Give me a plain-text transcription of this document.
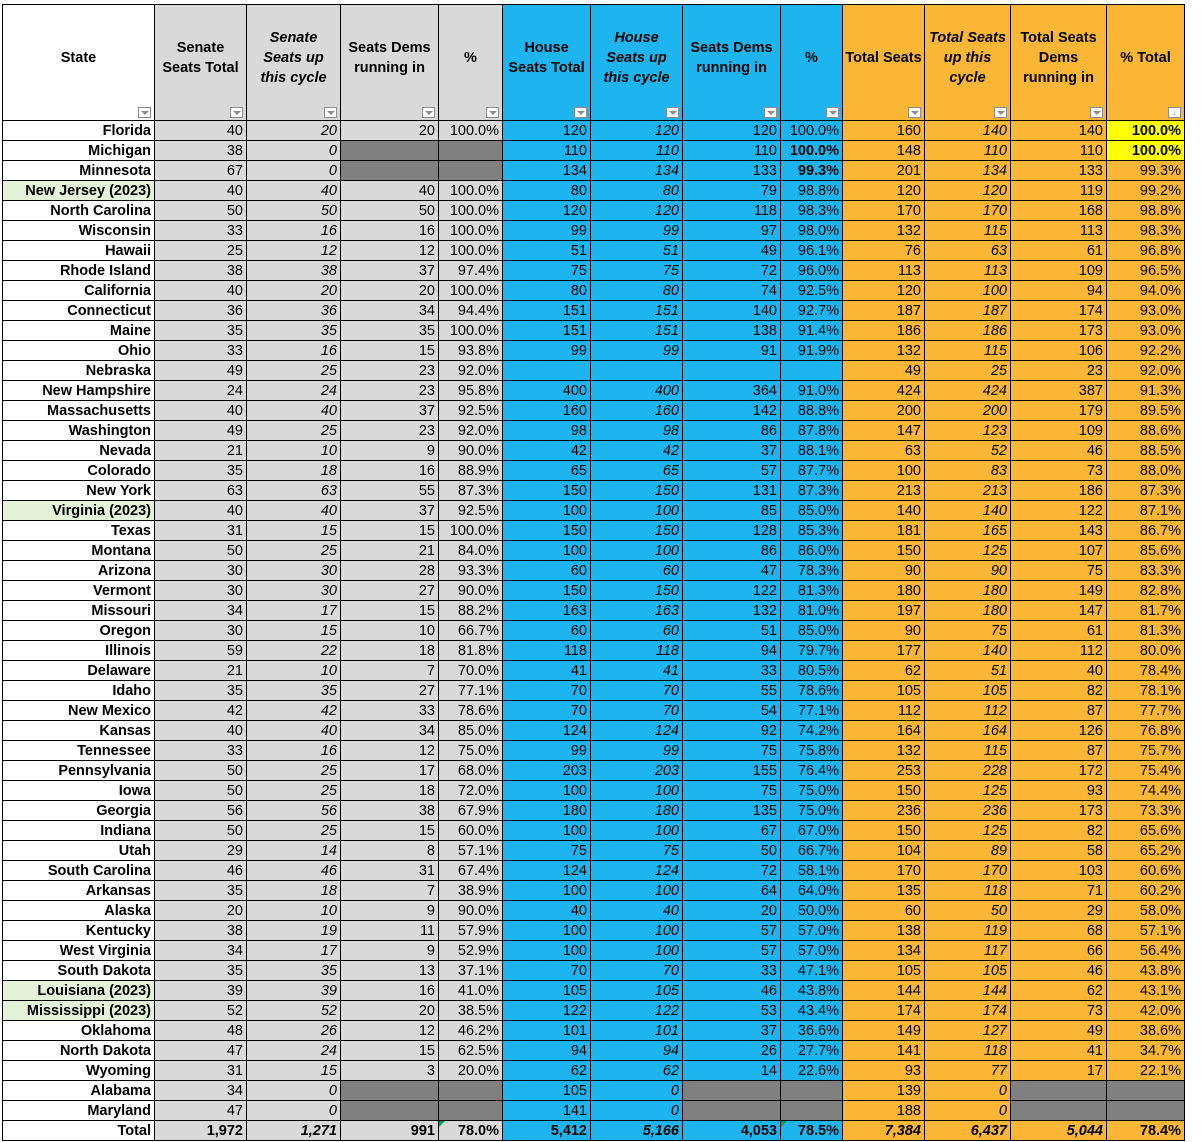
State	Senate Seats Total	Senate Seats up this cycle	Seats Dems running in	%	House Seats Total	House Seats up this cycle	Seats Dems running in	%	Total Seats	Total Seats up this cycle	Total Seats Dems running in	% Total
↓

Florida	40	20	20	100.0%	120	120	120	100.0%	160	140	140	100.0%
Michigan	38	0			110	110	110	100.0%	148	110	110	100.0%
Minnesota	67	0			134	134	133	99.3%	201	134	133	99.3%
New Jersey (2023)	40	40	40	100.0%	80	80	79	98.8%	120	120	119	99.2%
North Carolina	50	50	50	100.0%	120	120	118	98.3%	170	170	168	98.8%
Wisconsin	33	16	16	100.0%	99	99	97	98.0%	132	115	113	98.3%
Hawaii	25	12	12	100.0%	51	51	49	96.1%	76	63	61	96.8%
Rhode Island	38	38	37	97.4%	75	75	72	96.0%	113	113	109	96.5%
California	40	20	20	100.0%	80	80	74	92.5%	120	100	94	94.0%
Connecticut	36	36	34	94.4%	151	151	140	92.7%	187	187	174	93.0%
Maine	35	35	35	100.0%	151	151	138	91.4%	186	186	173	93.0%
Ohio	33	16	15	93.8%	99	99	91	91.9%	132	115	106	92.2%
Nebraska	49	25	23	92.0%					49	25	23	92.0%
New Hampshire	24	24	23	95.8%	400	400	364	91.0%	424	424	387	91.3%
Massachusetts	40	40	37	92.5%	160	160	142	88.8%	200	200	179	89.5%
Washington	49	25	23	92.0%	98	98	86	87.8%	147	123	109	88.6%
Nevada	21	10	9	90.0%	42	42	37	88.1%	63	52	46	88.5%
Colorado	35	18	16	88.9%	65	65	57	87.7%	100	83	73	88.0%
New York	63	63	55	87.3%	150	150	131	87.3%	213	213	186	87.3%
Virginia (2023)	40	40	37	92.5%	100	100	85	85.0%	140	140	122	87.1%
Texas	31	15	15	100.0%	150	150	128	85.3%	181	165	143	86.7%
Montana	50	25	21	84.0%	100	100	86	86.0%	150	125	107	85.6%
Arizona	30	30	28	93.3%	60	60	47	78.3%	90	90	75	83.3%
Vermont	30	30	27	90.0%	150	150	122	81.3%	180	180	149	82.8%
Missouri	34	17	15	88.2%	163	163	132	81.0%	197	180	147	81.7%
Oregon	30	15	10	66.7%	60	60	51	85.0%	90	75	61	81.3%
Illinois	59	22	18	81.8%	118	118	94	79.7%	177	140	112	80.0%
Delaware	21	10	7	70.0%	41	41	33	80.5%	62	51	40	78.4%
Idaho	35	35	27	77.1%	70	70	55	78.6%	105	105	82	78.1%
New Mexico	42	42	33	78.6%	70	70	54	77.1%	112	112	87	77.7%
Kansas	40	40	34	85.0%	124	124	92	74.2%	164	164	126	76.8%
Tennessee	33	16	12	75.0%	99	99	75	75.8%	132	115	87	75.7%
Pennsylvania	50	25	17	68.0%	203	203	155	76.4%	253	228	172	75.4%
Iowa	50	25	18	72.0%	100	100	75	75.0%	150	125	93	74.4%
Georgia	56	56	38	67.9%	180	180	135	75.0%	236	236	173	73.3%
Indiana	50	25	15	60.0%	100	100	67	67.0%	150	125	82	65.6%
Utah	29	14	8	57.1%	75	75	50	66.7%	104	89	58	65.2%
South Carolina	46	46	31	67.4%	124	124	72	58.1%	170	170	103	60.6%
Arkansas	35	18	7	38.9%	100	100	64	64.0%	135	118	71	60.2%
Alaska	20	10	9	90.0%	40	40	20	50.0%	60	50	29	58.0%
Kentucky	38	19	11	57.9%	100	100	57	57.0%	138	119	68	57.1%
West Virginia	34	17	9	52.9%	100	100	57	57.0%	134	117	66	56.4%
South Dakota	35	35	13	37.1%	70	70	33	47.1%	105	105	46	43.8%
Louisiana (2023)	39	39	16	41.0%	105	105	46	43.8%	144	144	62	43.1%
Mississippi (2023)	52	52	20	38.5%	122	122	53	43.4%	174	174	73	42.0%
Oklahoma	48	26	12	46.2%	101	101	37	36.6%	149	127	49	38.6%
North Dakota	47	24	15	62.5%	94	94	26	27.7%	141	118	41	34.7%
Wyoming	31	15	3	20.0%	62	62	14	22.6%	93	77	17	22.1%
Alabama	34	0			105	0			139	0		
Maryland	47	0			141	0			188	0		
Total	1,972	1,271	991	78.0%	5,412	5,166	4,053	78.5%	7,384	6,437	5,044	78.4%
